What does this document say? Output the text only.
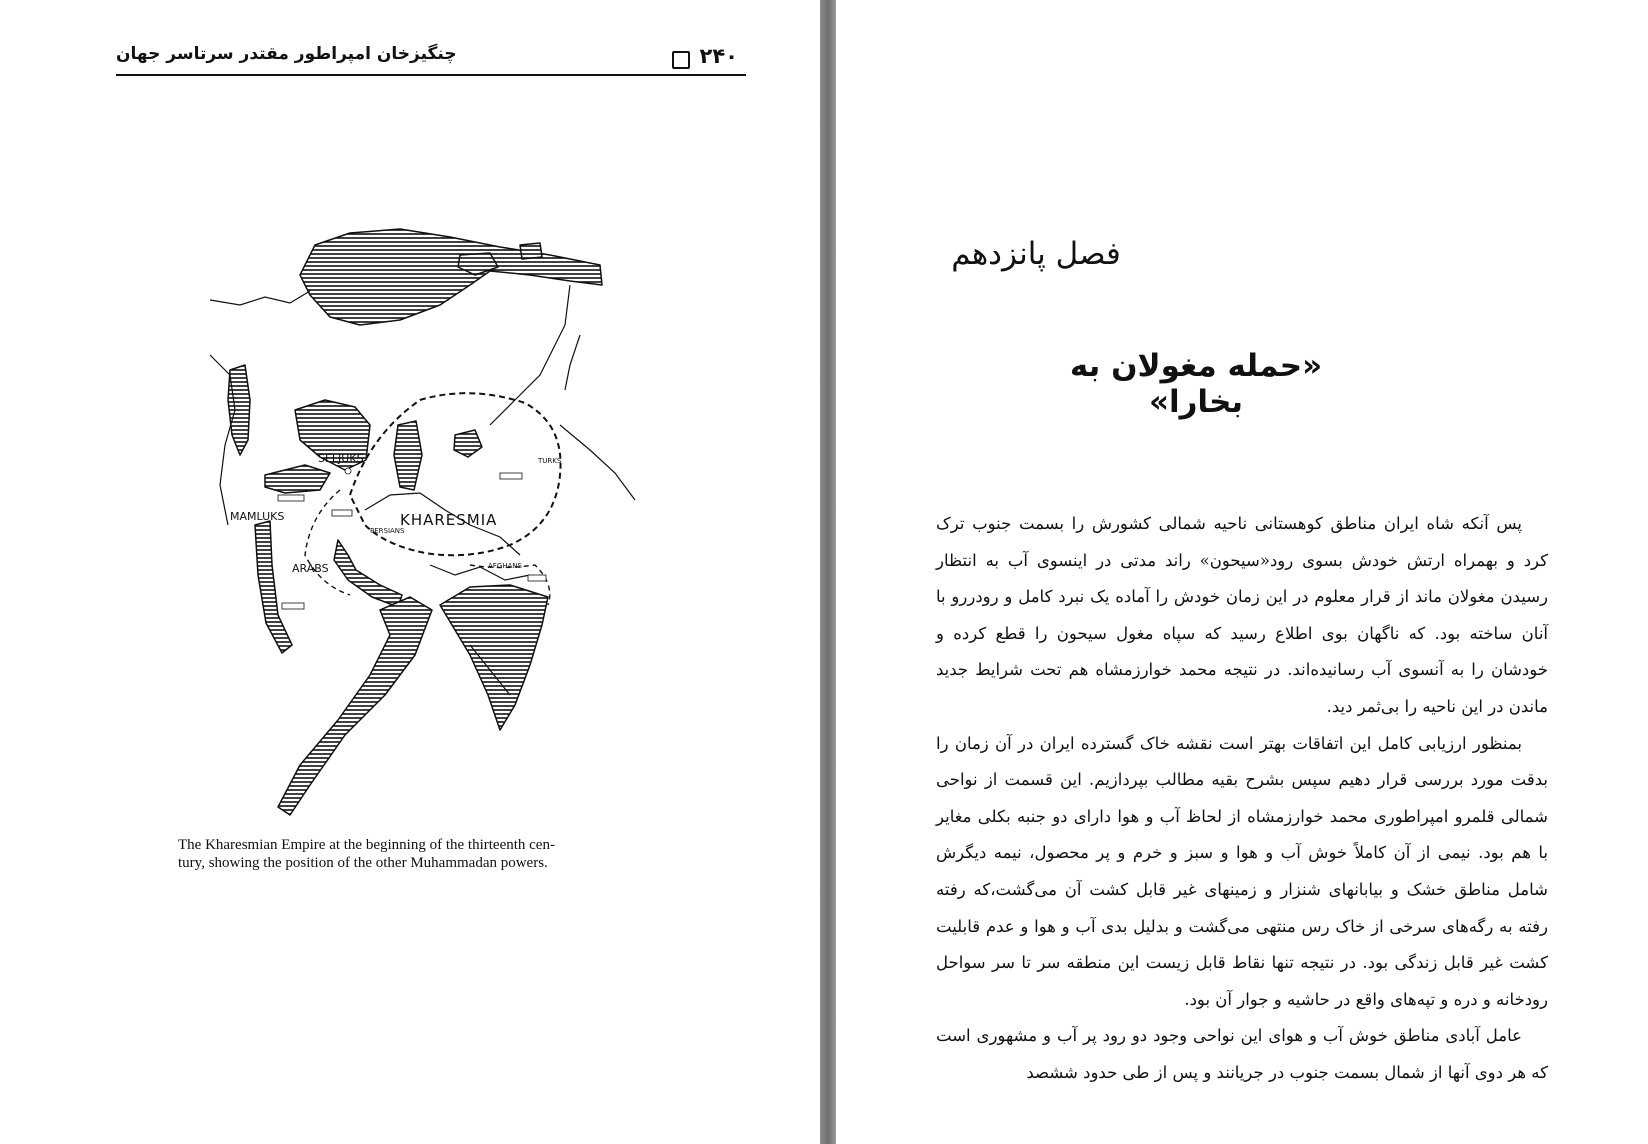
۲۴۰
چنگیزخان امپراطور مقتدر سرتاسر جهان
SELJUKS
MAMLUKS	KHARESMIA
PERSIANS
ARABS	AFGHANS
TURKS
The Kharesmian Empire at the beginning of the thirteenth cen-
tury, showing the position of the other Muhammadan powers.
فصل پانزدهم
«حمله مغولان به بخارا»

پس آنکه شاه ایران مناطق کوهستانی ناحیه شمالی کشورش را بسمت جنوب ترک کرد و بهمراه ارتش خودش بسوی رود«سیحون» راند مدتی در اینسوی آب به انتظار رسیدن مغولان ماند از قرار معلوم در این زمان خودش را آماده یک نبرد کامل و رودررو با آنان ساخته بود. که ناگهان بوی اطلاع رسید که سپاه مغول سیحون را قطع کرده و خودشان را به آنسوی آب رسانیده‌اند. در نتیجه محمد خوارزمشاه هم تحت شرایط جدید ماندن در این ناحیه را بی‌ثمر دید.

بمنظور ارزیابی کامل این اتفاقات بهتر است نقشه خاک گسترده ایران در آن زمان را بدقت مورد بررسی قرار دهیم سپس بشرح بقیه مطالب بپردازیم. این قسمت از نواحی شمالی قلمرو امپراطوری محمد خوارزمشاه از لحاظ آب و هوا دارای دو جنبه بکلی مغایر با هم بود. نیمی از آن کاملاً خوش آب و هوا و سبز و خرم و پر محصول، نیمه دیگرش شامل مناطق خشک و بیابانهای شنزار و زمینهای غیر قابل کشت آن می‌گشت،که رفته رفته به رگه‌های سرخی از خاک رس منتهی می‌گشت و بدلیل بدی آب و هوا و عدم قابلیت کشت غیر قابل زندگی بود. در نتیجه تنها نقاط قابل زیست این منطقه سر تا سر سواحل رودخانه و دره و تپه‌های واقع در حاشیه و جوار آن بود.

عامل آبادی مناطق خوش آب و هوای این نواحی وجود دو رود پر آب و مشهوری است که هر دوی آنها از شمال بسمت جنوب در جریانند و پس از طی حدود ششصد
